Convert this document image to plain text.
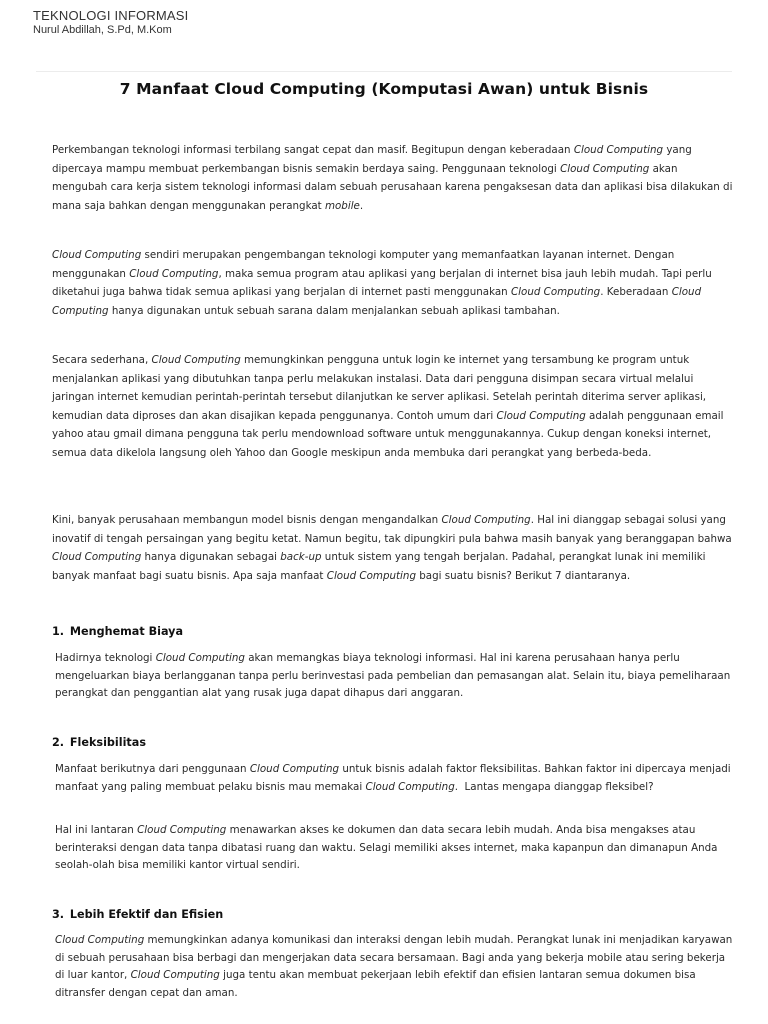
TEKNOLOGI INFORMASI
Nurul Abdillah, S.Pd, M.Kom
7 Manfaat Cloud Computing (Komputasi Awan) untuk Bisnis

Perkembangan teknologi informasi terbilang sangat cepat dan masif. Begitupun dengan keberadaan Cloud Computing yang dipercaya mampu membuat perkembangan bisnis semakin berdaya saing. Penggunaan teknologi Cloud Computing akan mengubah cara kerja sistem teknologi informasi dalam sebuah perusahaan karena pengaksesan data dan aplikasi bisa dilakukan di mana saja bahkan dengan menggunakan perangkat mobile.

Cloud Computing sendiri merupakan pengembangan teknologi komputer yang memanfaatkan layanan internet. Dengan menggunakan Cloud Computing, maka semua program atau aplikasi yang berjalan di internet bisa jauh lebih mudah. Tapi perlu diketahui juga bahwa tidak semua aplikasi yang berjalan di internet pasti menggunakan Cloud Computing. Keberadaan Cloud Computing hanya digunakan untuk sebuah sarana dalam menjalankan sebuah aplikasi tambahan.

Secara sederhana, Cloud Computing memungkinkan pengguna untuk login ke internet yang tersambung ke program untuk menjalankan aplikasi yang dibutuhkan tanpa perlu melakukan instalasi. Data dari pengguna disimpan secara virtual melalui jaringan internet kemudian perintah-perintah tersebut dilanjutkan ke server aplikasi. Setelah perintah diterima server aplikasi, kemudian data diproses dan akan disajikan kepada penggunanya. Contoh umum dari Cloud Computing adalah penggunaan email yahoo atau gmail dimana pengguna tak perlu mendownload software untuk menggunakannya. Cukup dengan koneksi internet, semua data dikelola langsung oleh Yahoo dan Google meskipun anda membuka dari perangkat yang berbeda-beda.

Kini, banyak perusahaan membangun model bisnis dengan mengandalkan Cloud Computing. Hal ini dianggap sebagai solusi yang inovatif di tengah persaingan yang begitu ketat. Namun begitu, tak dipungkiri pula bahwa masih banyak yang beranggapan bahwa Cloud Computing hanya digunakan sebagai back-up untuk sistem yang tengah berjalan. Padahal, perangkat lunak ini memiliki banyak manfaat bagi suatu bisnis. Apa saja manfaat Cloud Computing bagi suatu bisnis? Berikut 7 diantaranya.

1. Menghemat Biaya

Hadirnya teknologi Cloud Computing akan memangkas biaya teknologi informasi. Hal ini karena perusahaan hanya perlu mengeluarkan biaya berlangganan tanpa perlu berinvestasi pada pembelian dan pemasangan alat. Selain itu, biaya pemeliharaan perangkat dan penggantian alat yang rusak juga dapat dihapus dari anggaran.

2. Fleksibilitas

Manfaat berikutnya dari penggunaan Cloud Computing untuk bisnis adalah faktor fleksibilitas. Bahkan faktor ini dipercaya menjadi manfaat yang paling membuat pelaku bisnis mau memakai Cloud Computing.  Lantas mengapa dianggap fleksibel?

Hal ini lantaran Cloud Computing menawarkan akses ke dokumen dan data secara lebih mudah. Anda bisa mengakses atau berinteraksi dengan data tanpa dibatasi ruang dan waktu. Selagi memiliki akses internet, maka kapanpun dan dimanapun Anda seolah-olah bisa memiliki kantor virtual sendiri.

3. Lebih Efektif dan Efisien

Cloud Computing memungkinkan adanya komunikasi dan interaksi dengan lebih mudah. Perangkat lunak ini menjadikan karyawan di sebuah perusahaan bisa berbagi dan mengerjakan data secara bersamaan. Bagi anda yang bekerja mobile atau sering bekerja di luar kantor, Cloud Computing juga tentu akan membuat pekerjaan lebih efektif dan efisien lantaran semua dokumen bisa ditransfer dengan cepat dan aman.
